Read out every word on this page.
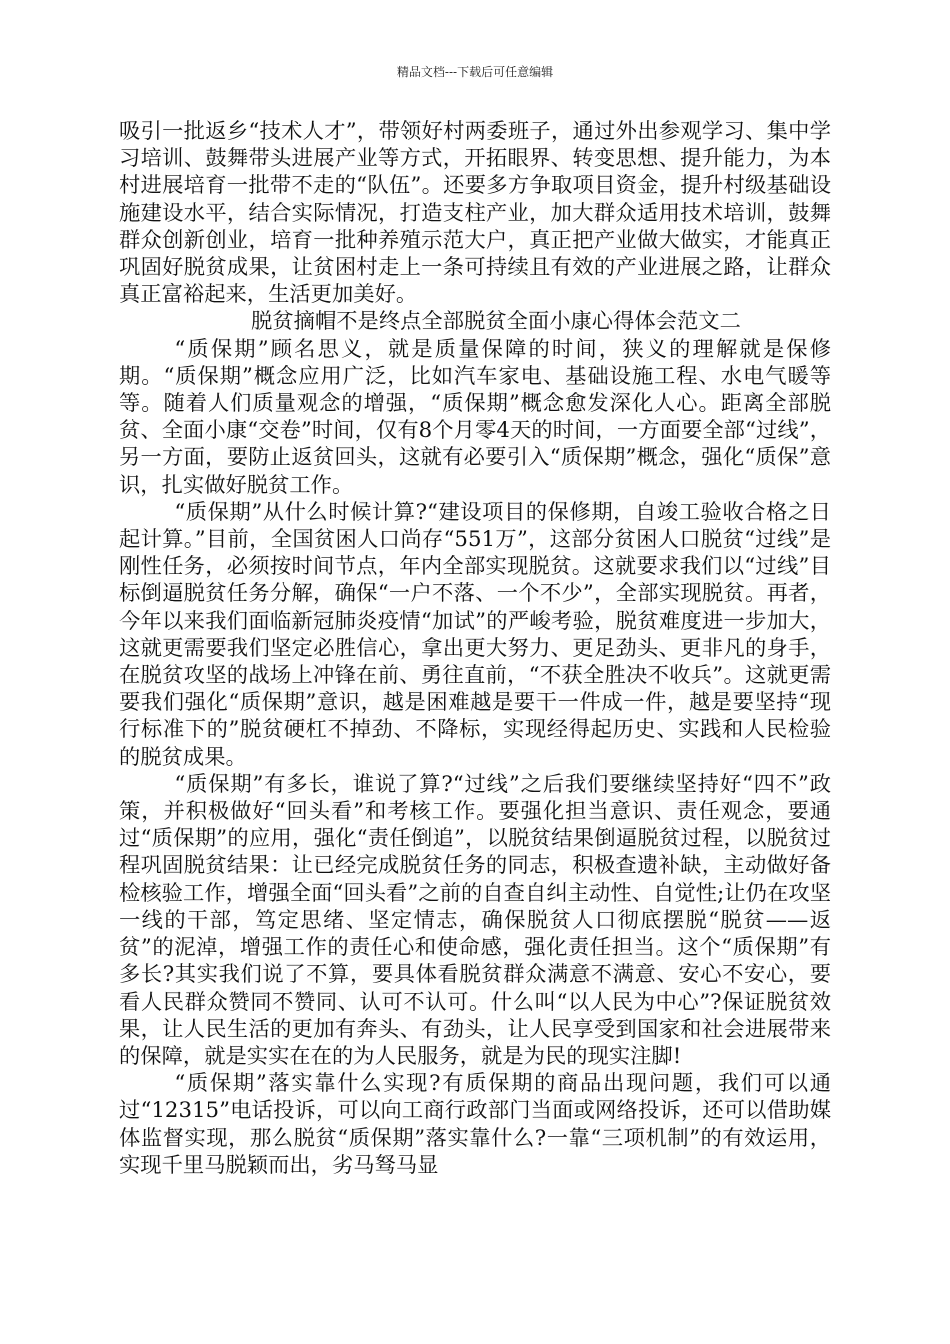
精品文档---下载后可任意编辑

吸引一批返乡“技术人才”，带领好村两委班子，通过外出参观学习、集中学习培训、鼓舞带头进展产业等方式，开拓眼界、转变思想、提升能力，为本村进展培育一批带不走的“队伍”。还要多方争取项目资金，提升村级基础设施建设水平，结合实际情况，打造支柱产业，加大群众适用技术培训，鼓舞群众创新创业，培育一批种养殖示范大户，真正把产业做大做实，才能真正巩固好脱贫成果，让贫困村走上一条可持续且有效的产业进展之路，让群众真正富裕起来，生活更加美好。

脱贫摘帽不是终点全部脱贫全面小康心得体会范文二

“质保期”顾名思义，就是质量保障的时间，狭义的理解就是保修期。“质保期”概念应用广泛，比如汽车家电、基础设施工程、水电气暖等等。随着人们质量观念的增强，“质保期”概念愈发深化人心。距离全部脱贫、全面小康“交卷”时间，仅有8个月零4天的时间，一方面要全部“过线”，另一方面，要防止返贫回头，这就有必要引入“质保期”概念，强化“质保”意识，扎实做好脱贫工作。

“质保期”从什么时候计算?“建设项目的保修期，自竣工验收合格之日起计算。”目前，全国贫困人口尚存“551万”，这部分贫困人口脱贫“过线”是刚性任务，必须按时间节点，年内全部实现脱贫。这就要求我们以“过线”目标倒逼脱贫任务分解，确保“一户不落、一个不少”，全部实现脱贫。再者，今年以来我们面临新冠肺炎疫情“加试”的严峻考验，脱贫难度进一步加大，这就更需要我们坚定必胜信心，拿出更大努力、更足劲头、更非凡的身手，在脱贫攻坚的战场上冲锋在前、勇往直前，“不获全胜决不收兵”。这就更需要我们强化“质保期”意识，越是困难越是要干一件成一件，越是要坚持“现行标准下的”脱贫硬杠不掉劲、不降标，实现经得起历史、实践和人民检验的脱贫成果。

“质保期”有多长，谁说了算?“过线”之后我们要继续坚持好“四不”政策，并积极做好“回头看”和考核工作。要强化担当意识、责任观念，要通过“质保期”的应用，强化“责任倒追”，以脱贫结果倒逼脱贫过程，以脱贫过程巩固脱贫结果：让已经完成脱贫任务的同志，积极查遗补缺，主动做好备检核验工作，增强全面“回头看”之前的自查自纠主动性、自觉性;让仍在攻坚一线的干部，笃定思绪、坚定情志，确保脱贫人口彻底摆脱“脱贫——返贫”的泥淖，增强工作的责任心和使命感，强化责任担当。这个“质保期”有多长?其实我们说了不算，要具体看脱贫群众满意不满意、安心不安心，要看人民群众赞同不赞同、认可不认可。什么叫“以人民为中心”?保证脱贫效果，让人民生活的更加有奔头、有劲头，让人民享受到国家和社会进展带来的保障，就是实实在在的为人民服务，就是为民的现实注脚!

“质保期”落实靠什么实现?有质保期的商品出现问题，我们可以通过“12315”电话投诉，可以向工商行政部门当面或网络投诉，还可以借助媒体监督实现，那么脱贫“质保期”落实靠什么?一靠“三项机制”的有效运用，实现千里马脱颖而出，劣马驽马显
